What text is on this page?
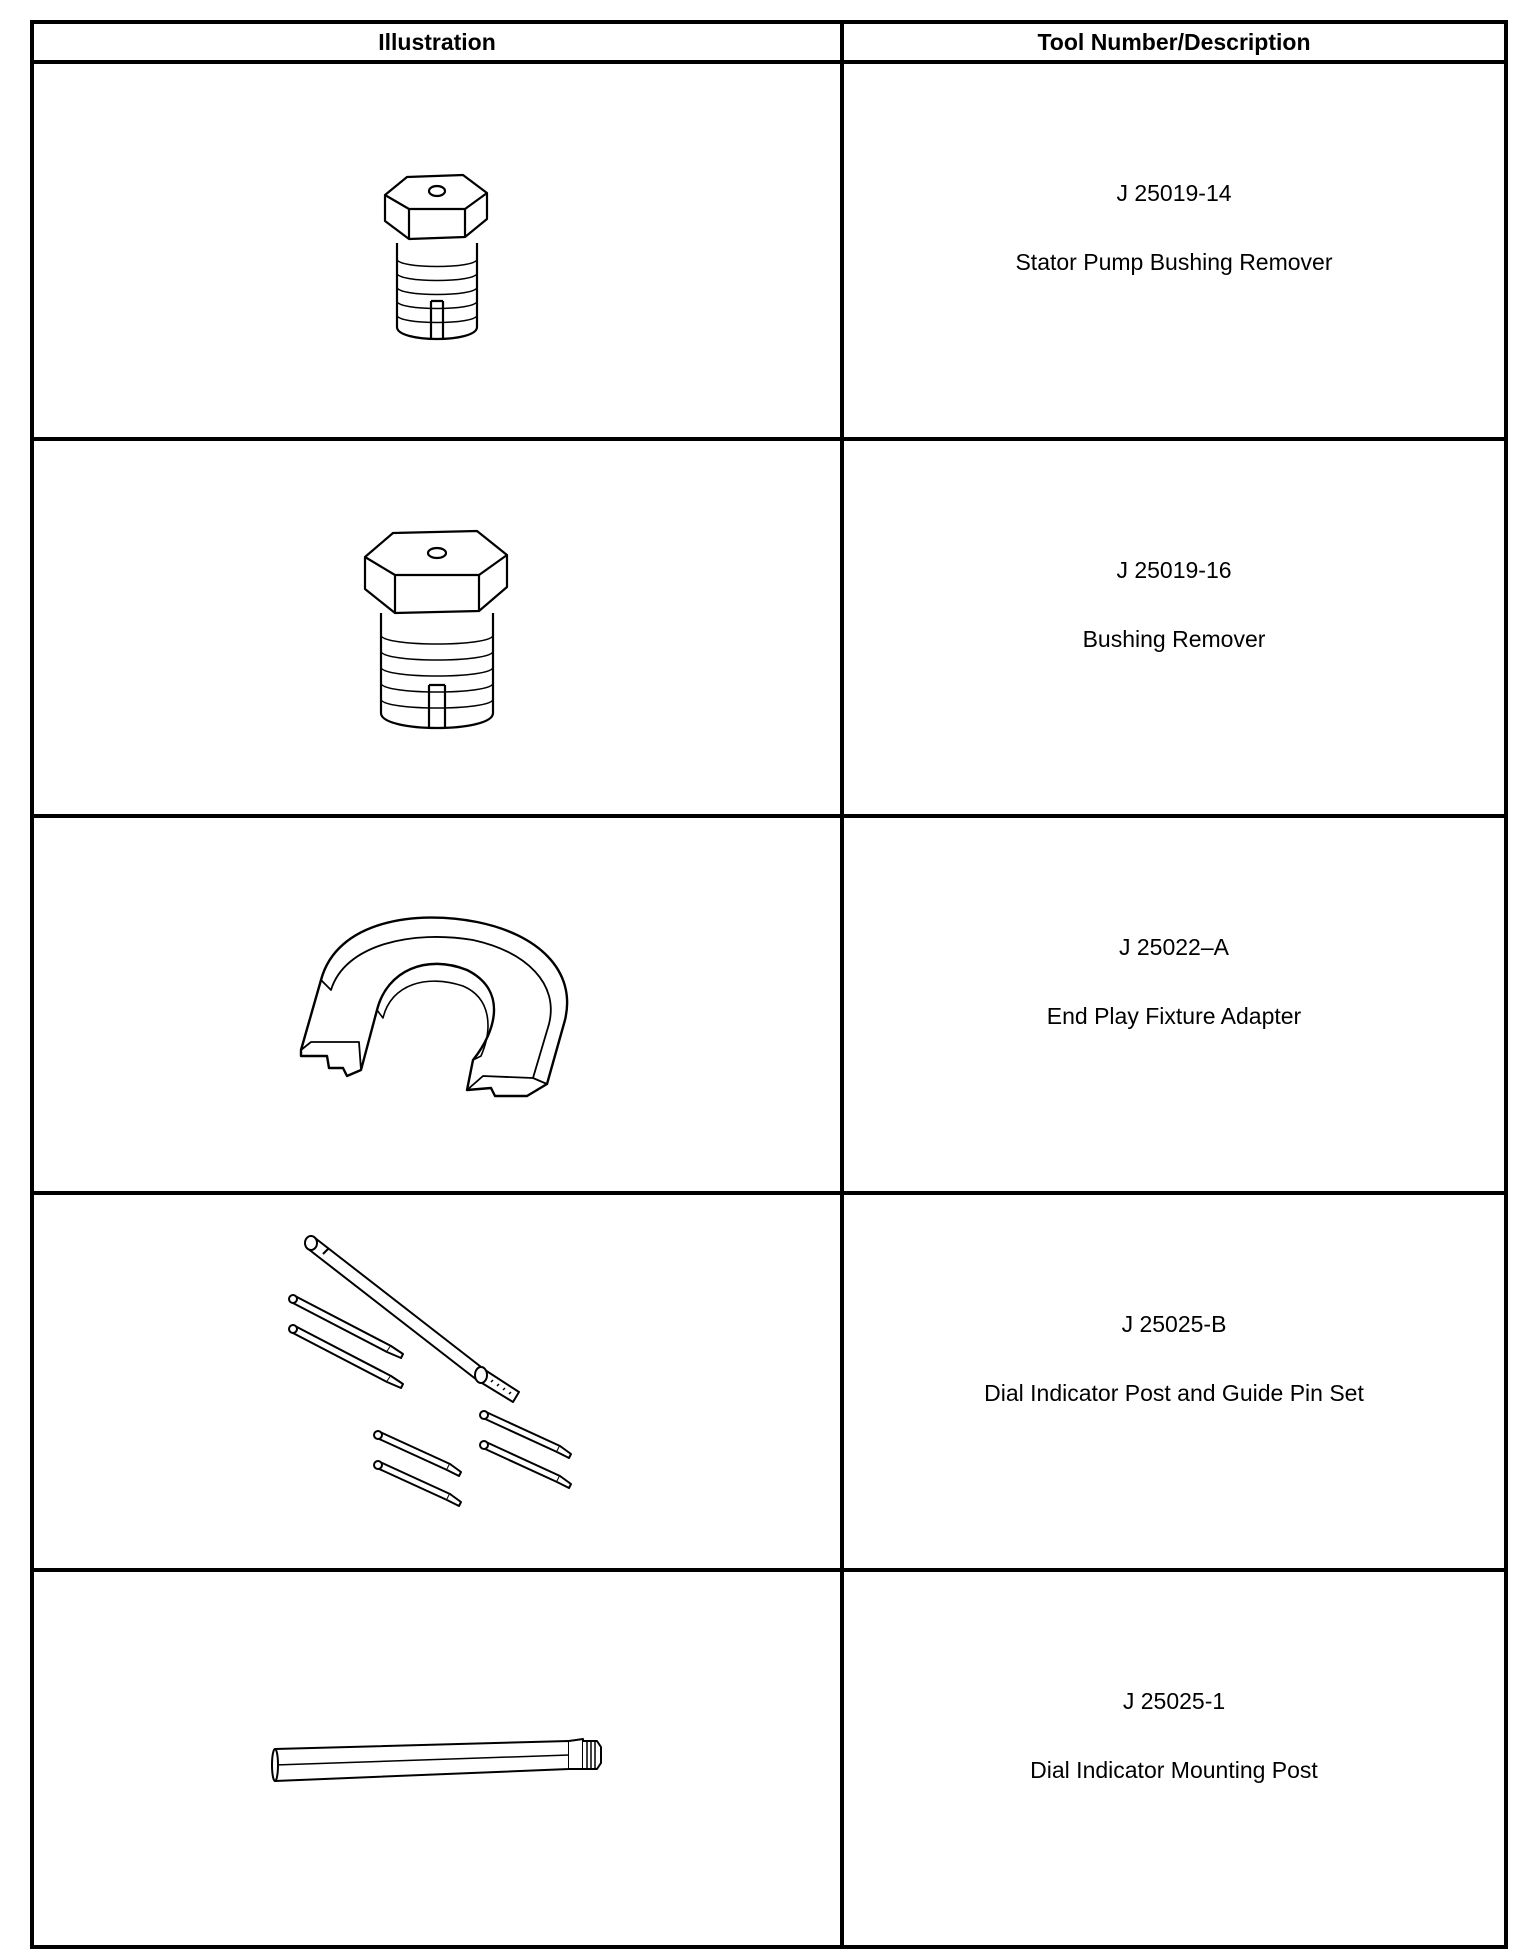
Illustration	Tool Number/Description

J 25019-14
Stator Pump Bushing Remover

J 25019-16
Bushing Remover

J 25022–A
End Play Fixture Adapter

J 25025-B
Dial Indicator Post and Guide Pin Set

J 25025-1
Dial Indicator Mounting Post
